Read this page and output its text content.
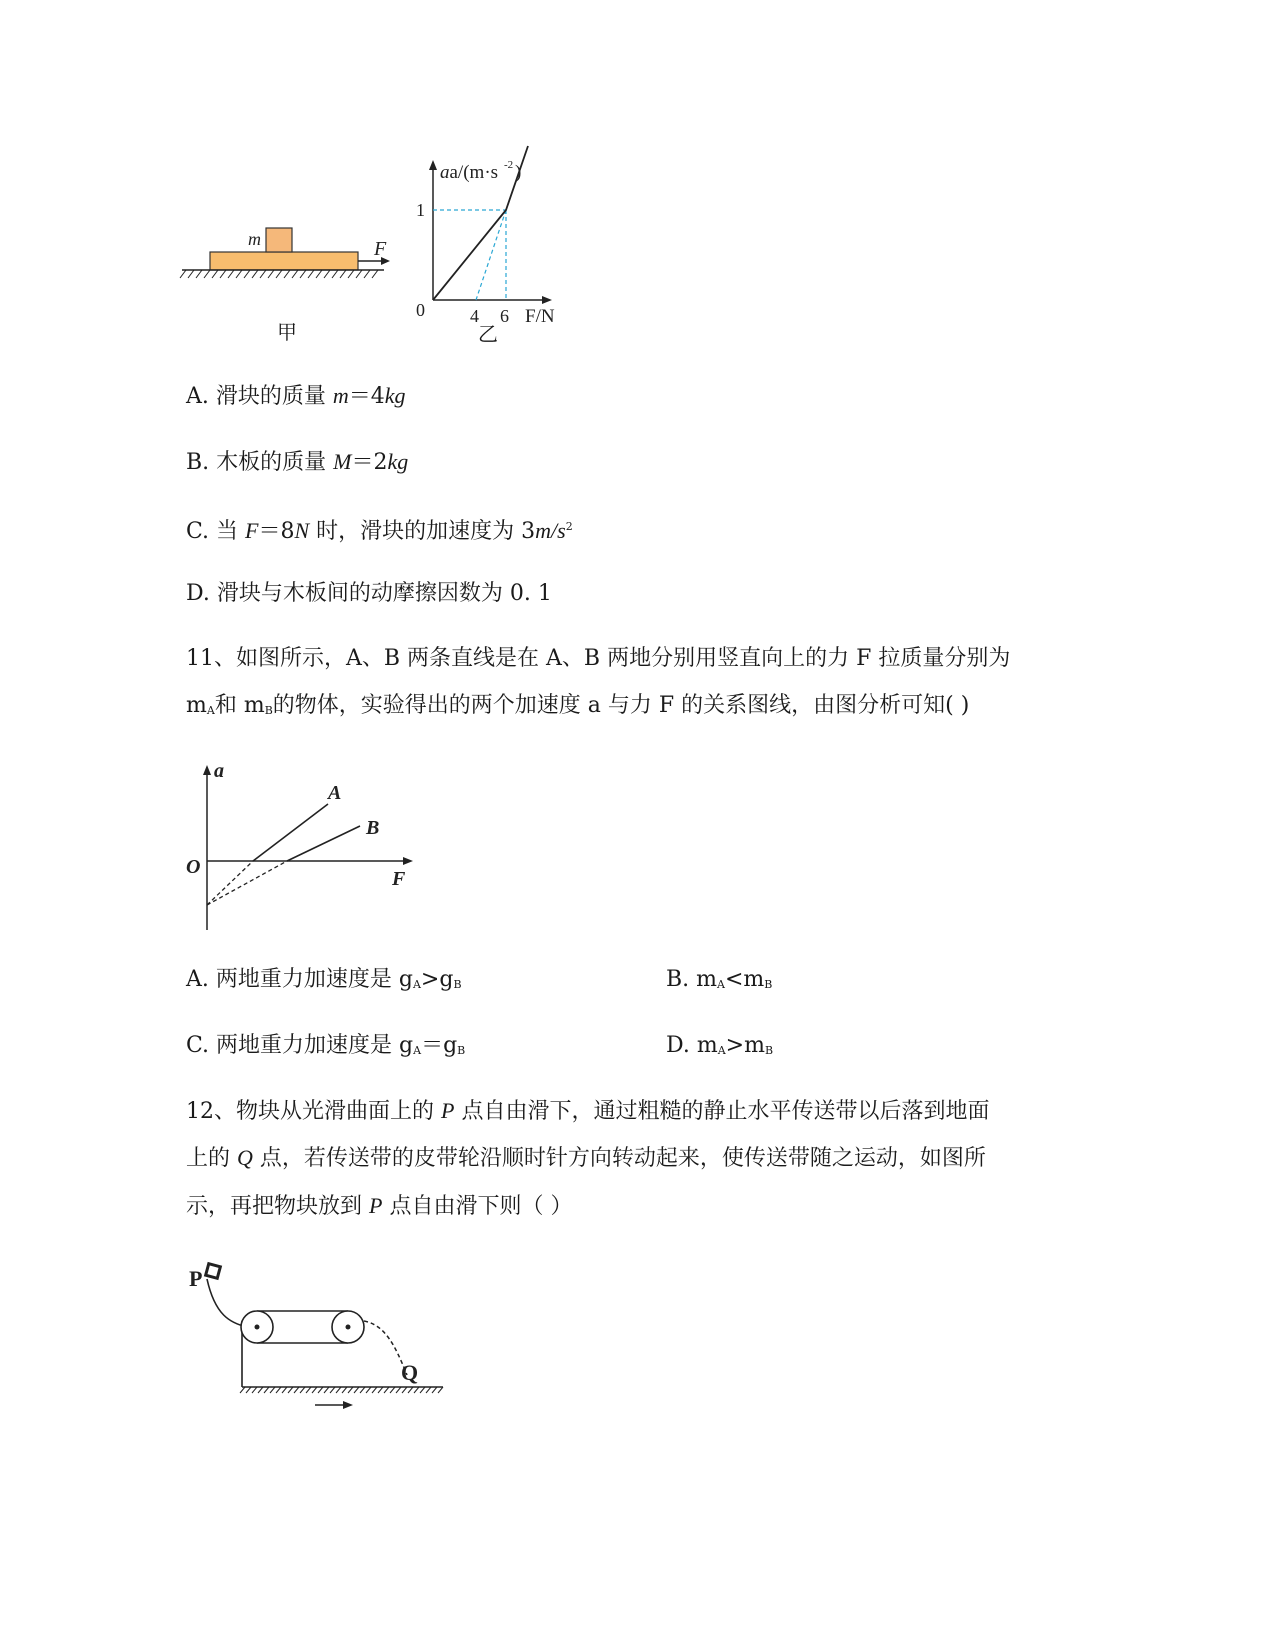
m	F
甲
aa/(m·s -2 )
1
0	4 6 F/N
乙
A. 滑块的质量 m＝4kg
B. 木板的质量 M＝2kg
C. 当 F＝8N 时，滑块的加速度为 $3m/s^2$
D. 滑块与木板间的动摩擦因数为 0. 1
11、如图所示，A、B 两条直线是在 A、B 两地分别用竖直向上的力 F 拉质量分别为
$m_A$和 $m_B$的物体，实验得出的两个加速度 a 与力 F 的关系图线，由图分析可知( )
a
O
F
A
B
A. 两地重力加速度是 $g_A>g_B$	B. $m_A<m_B$
C. 两地重力加速度是 $g_A=g_B$	D. $m_A>m_B$
12、物块从光滑曲面上的 P 点自由滑下，通过粗糙的静止水平传送带以后落到地面
上的 Q 点，若传送带的皮带轮沿顺时针方向转动起来，使传送带随之运动，如图所
示，再把物块放到 P 点自由滑下则（ ）
P
Q
